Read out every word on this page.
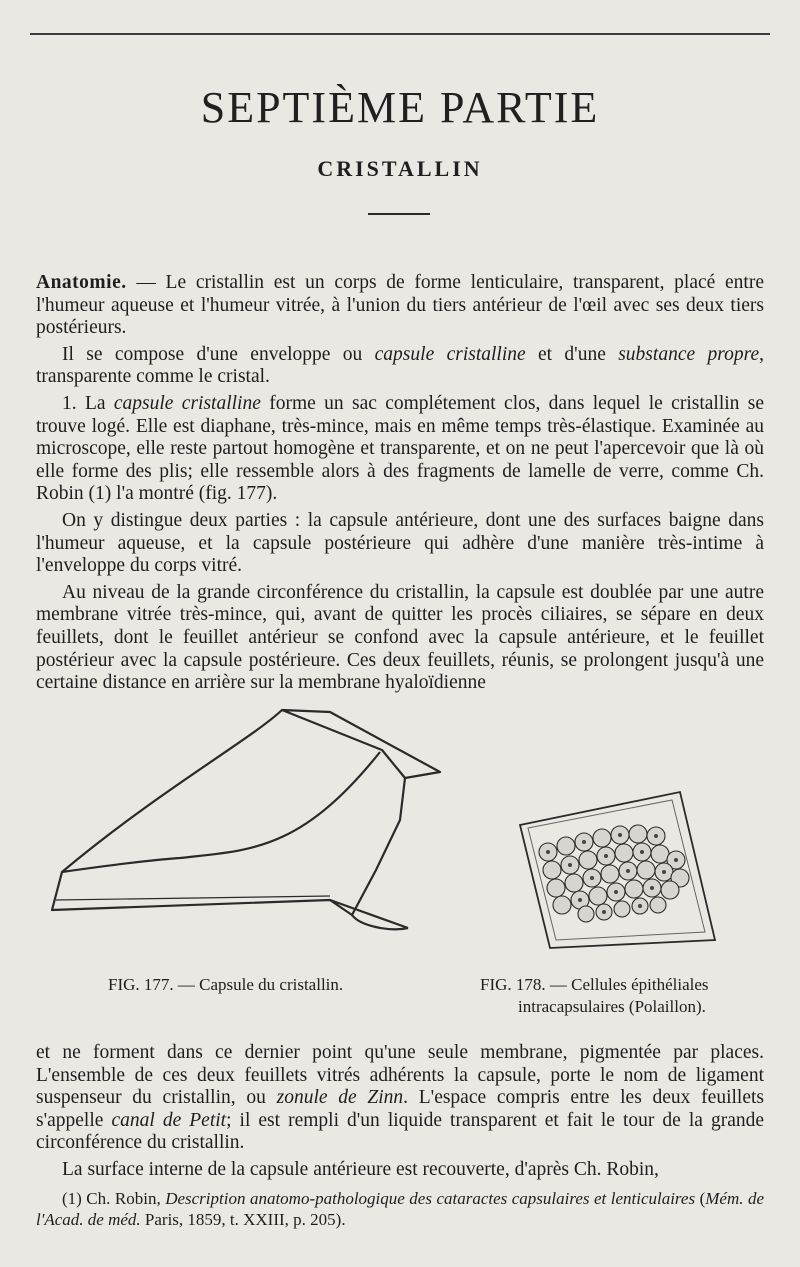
SEPTIÈME PARTIE
CRISTALLIN

Anatomie. — Le cristallin est un corps de forme lenticulaire, transparent, placé entre l'humeur aqueuse et l'humeur vitrée, à l'union du tiers antérieur de l'œil avec ses deux tiers postérieurs.

Il se compose d'une enveloppe ou capsule cristalline et d'une substance propre, transparente comme le cristal.

1. La capsule cristalline forme un sac complétement clos, dans lequel le cristallin se trouve logé. Elle est diaphane, très-mince, mais en même temps très-élastique. Examinée au microscope, elle reste partout homogène et transparente, et on ne peut l'apercevoir que là où elle forme des plis; elle ressemble alors à des fragments de lamelle de verre, comme Ch. Robin (1) l'a montré (fig. 177).

On y distingue deux parties : la capsule antérieure, dont une des surfaces baigne dans l'humeur aqueuse, et la capsule postérieure qui adhère d'une manière très-intime à l'enveloppe du corps vitré.

Au niveau de la grande circonférence du cristallin, la capsule est doublée par une autre membrane vitrée très-mince, qui, avant de quitter les procès ciliaires, se sépare en deux feuillets, dont le feuillet antérieur se confond avec la capsule antérieure, et le feuillet postérieur avec la capsule postérieure. Ces deux feuillets, réunis, se prolongent jusqu'à une certaine distance en arrière sur la membrane hyaloïdienne

FIG. 177. — Capsule du cristallin.	FIG. 178. — Cellules épithéliales
intracapsulaires (Polaillon).

et ne forment dans ce dernier point qu'une seule membrane, pigmentée par places. L'ensemble de ces deux feuillets vitrés adhérents la capsule, porte le nom de ligament suspenseur du cristallin, ou zonule de Zinn. L'espace compris entre les deux feuillets s'appelle canal de Petit; il est rempli d'un liquide transparent et fait le tour de la grande circonférence du cristallin.

La surface interne de la capsule antérieure est recouverte, d'après Ch. Robin,

(1) Ch. Robin, Description anatomo-pathologique des cataractes capsulaires et lenticulaires (Mém. de l'Acad. de méd. Paris, 1859, t. XXIII, p. 205).
